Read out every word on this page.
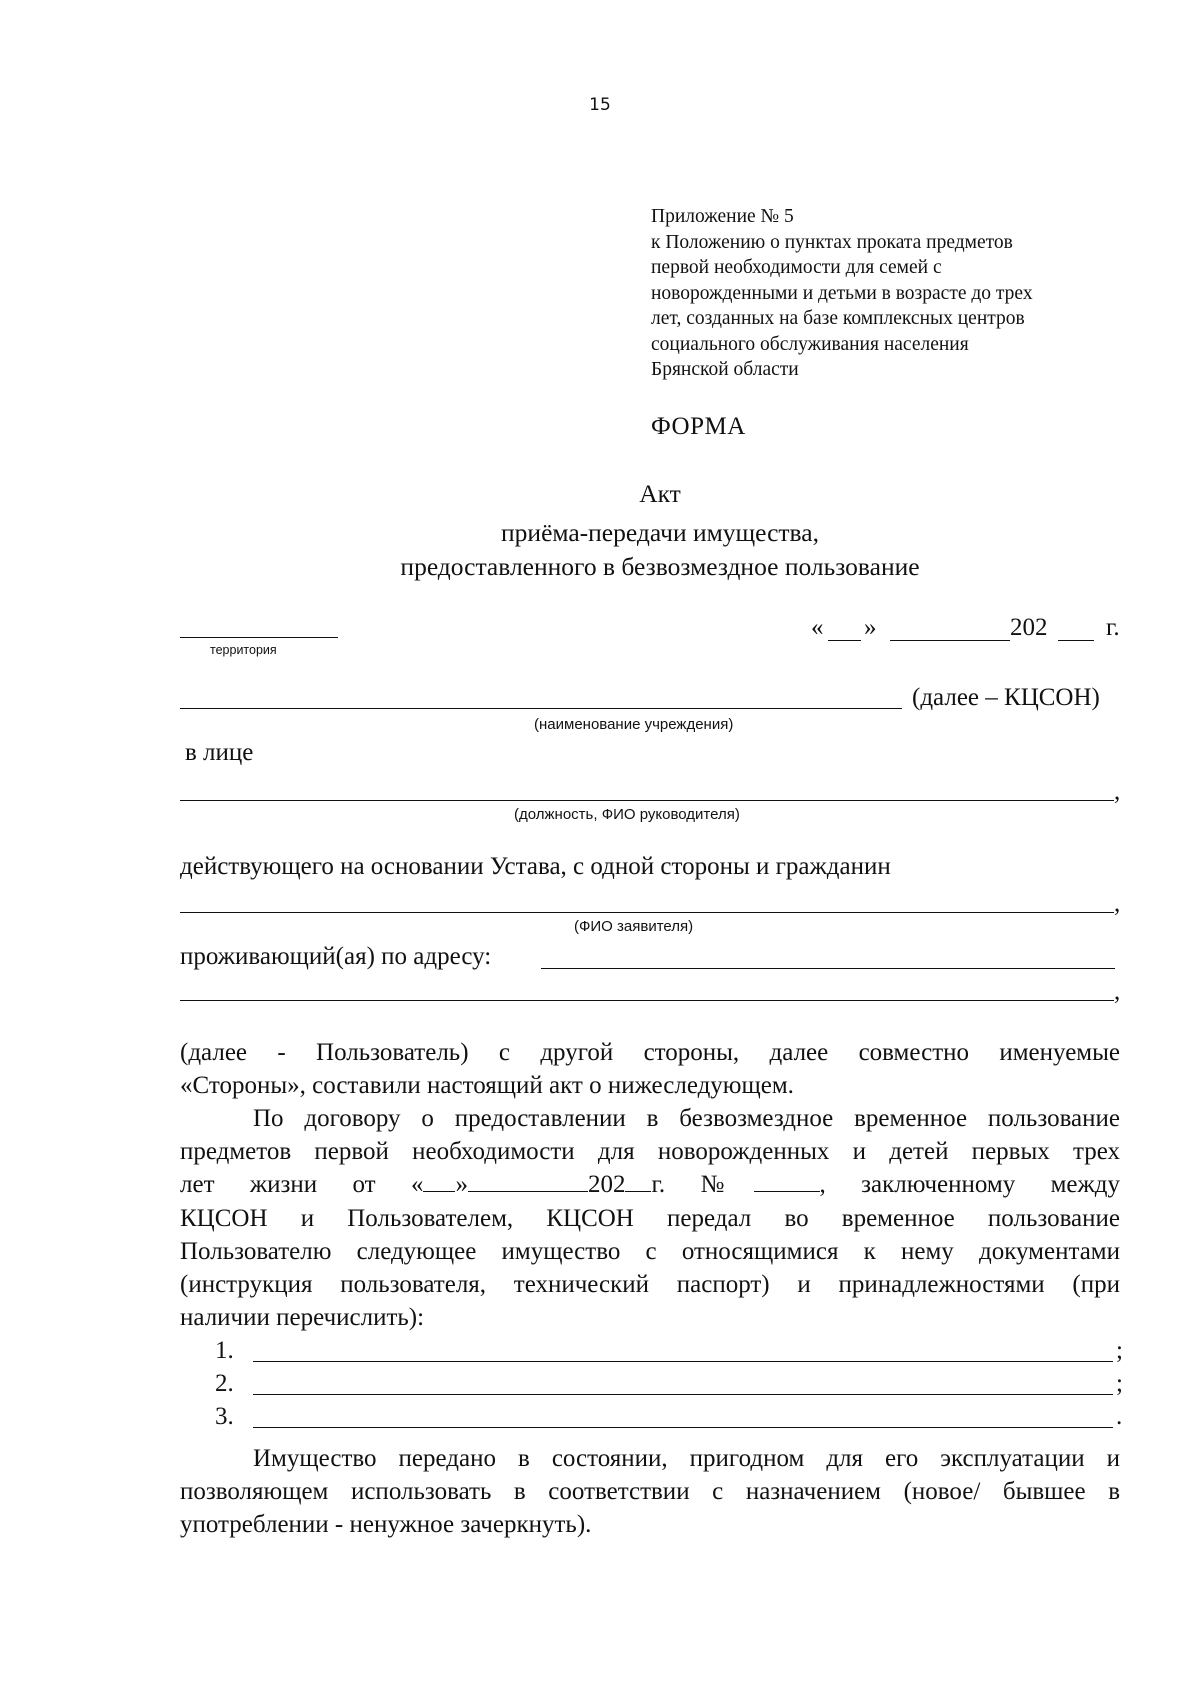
15
Приложение № 5
к Положению о пунктах проката предметов
первой необходимости для семей с
новорожденными и детьми в возрасте до трех
лет, созданных на базе комплексных центров
социального обслуживания населения
Брянской области
ФОРМА
Акт
приёма-передачи имущества,
предоставленного в безвозмездное пользование
территория
« »	202 г.
(далее – КЦСОН)
(наименование учреждения)
в лице
,
(должность, ФИО руководителя)
действующего на основании Устава, с одной стороны и гражданин
,
(ФИО заявителя)
проживающий(ая) по адресу:
,
(далее - Пользователь) с другой стороны, далее совместно именуемые
«Стороны», составили настоящий акт о нижеследующем.
По договору о предоставлении в безвозмездное временное пользование
предметов первой необходимости для новорожденных и детей первых трех
лет жизни от « »	202 г. №	, заключенному между
КЦСОН и Пользователем, КЦСОН передал во временное пользование
Пользователю следующее имущество с относящимися к нему документами
(инструкция пользователя, технический паспорт) и принадлежностями (при
наличии перечислить):
1.	;
2.	;
3.	.
Имущество передано в состоянии, пригодном для его эксплуатации и
позволяющем использовать в соответствии с назначением (новое/ бывшее в
употреблении - ненужное зачеркнуть).
